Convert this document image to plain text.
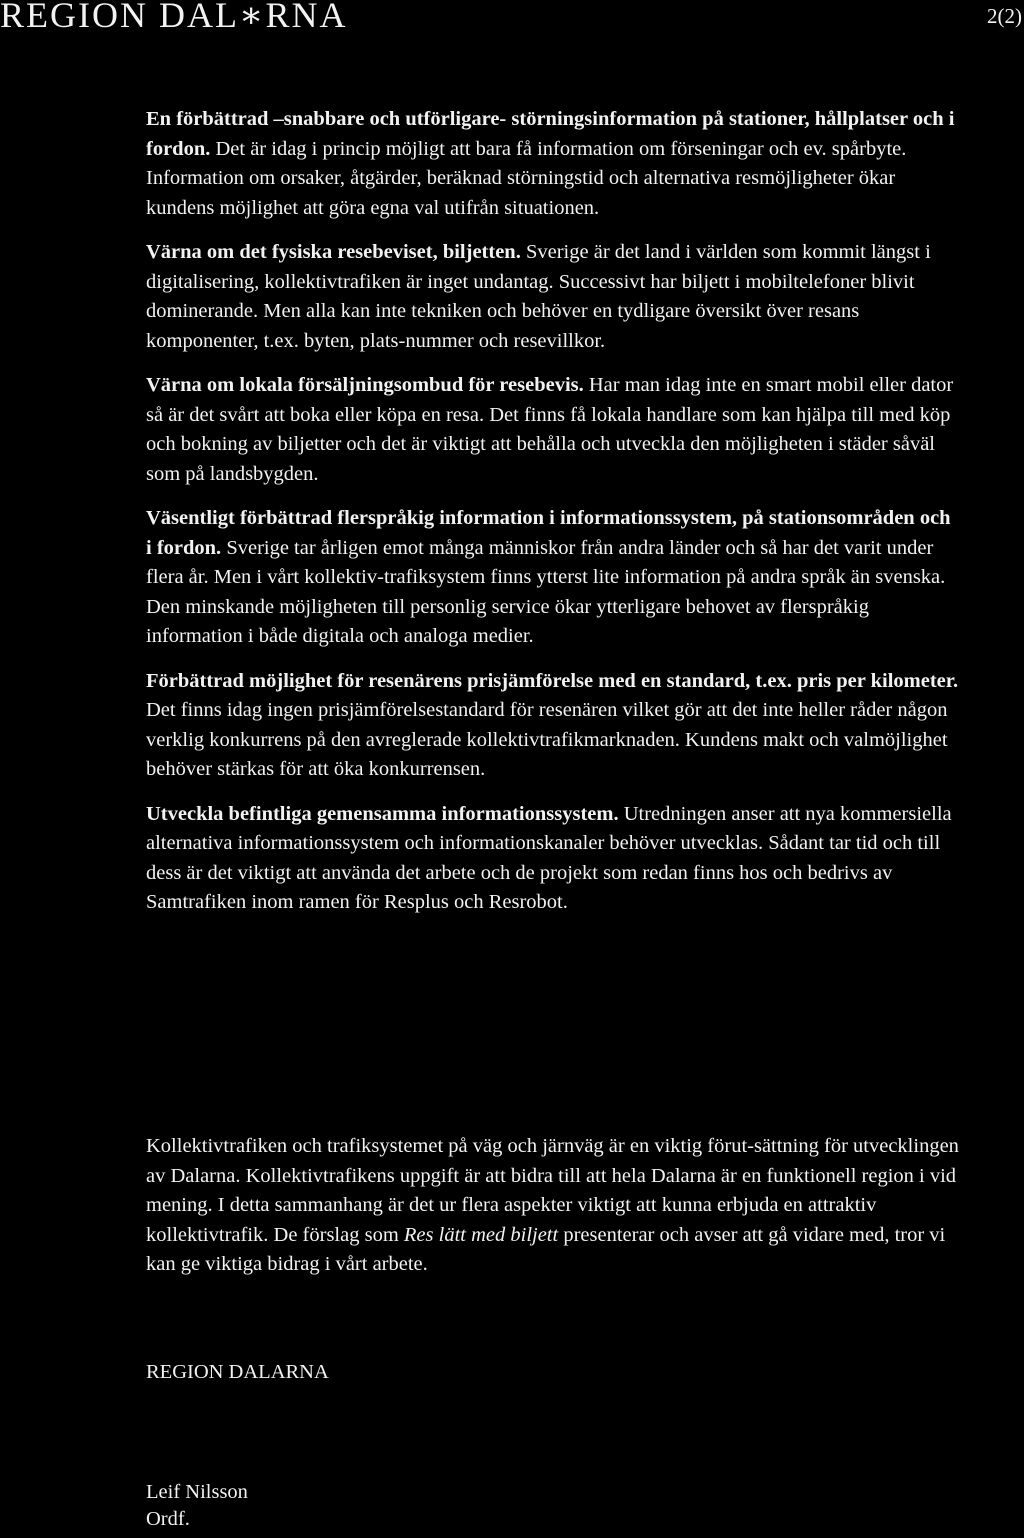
REGION DAL∗RNA	2(2)

En förbättrad –snabbare och utförligare- störningsinformation på stationer, hållplatser och i fordon. Det är idag i princip möjligt att bara få information om förseningar och ev. spårbyte. Information om orsaker, åtgärder, beräknad störningstid och alternativa resmöjligheter ökar kundens möjlighet att göra egna val utifrån situationen.

Värna om det fysiska resebeviset, biljetten. Sverige är det land i världen som kommit längst i digitalisering, kollektivtrafiken är inget undantag. Successivt har biljett i mobiltelefoner blivit dominerande. Men alla kan inte tekniken och behöver en tydligare översikt över resans komponenter, t.ex. byten, plats-nummer och resevillkor.

Värna om lokala försäljningsombud för resebevis. Har man idag inte en smart mobil eller dator så är det svårt att boka eller köpa en resa. Det finns få lokala handlare som kan hjälpa till med köp och bokning av biljetter och det är viktigt att behålla och utveckla den möjligheten i städer såväl som på landsbygden.

Väsentligt förbättrad flerspråkig information i informationssystem, på stationsområden och i fordon. Sverige tar årligen emot många människor från andra länder och så har det varit under flera år. Men i vårt kollektiv-trafiksystem finns ytterst lite information på andra språk än svenska. Den minskande möjligheten till personlig service ökar ytterligare behovet av flerspråkig information i både digitala och analoga medier.

Förbättrad möjlighet för resenärens prisjämförelse med en standard, t.ex. pris per kilometer. Det finns idag ingen prisjämförelsestandard för resenären vilket gör att det inte heller råder någon verklig konkurrens på den avreglerade kollektivtrafikmarknaden. Kundens makt och valmöjlighet behöver stärkas för att öka konkurrensen.

Utveckla befintliga gemensamma informationssystem. Utredningen anser att nya kommersiella alternativa informationssystem och informationskanaler behöver utvecklas. Sådant tar tid och till dess är det viktigt att använda det arbete och de projekt som redan finns hos och bedrivs av Samtrafiken inom ramen för Resplus och Resrobot.

Kollektivtrafiken och trafiksystemet på väg och järnväg är en viktig förut-sättning för utvecklingen av Dalarna. Kollektivtrafikens uppgift är att bidra till att hela Dalarna är en funktionell region i vid mening. I detta sammanhang är det ur flera aspekter viktigt att kunna erbjuda en attraktiv kollektivtrafik. De förslag som Res lätt med biljett presenterar och avser att gå vidare med, tror vi kan ge viktiga bidrag i vårt arbete.

REGION DALARNA

Leif Nilsson
Ordf.
